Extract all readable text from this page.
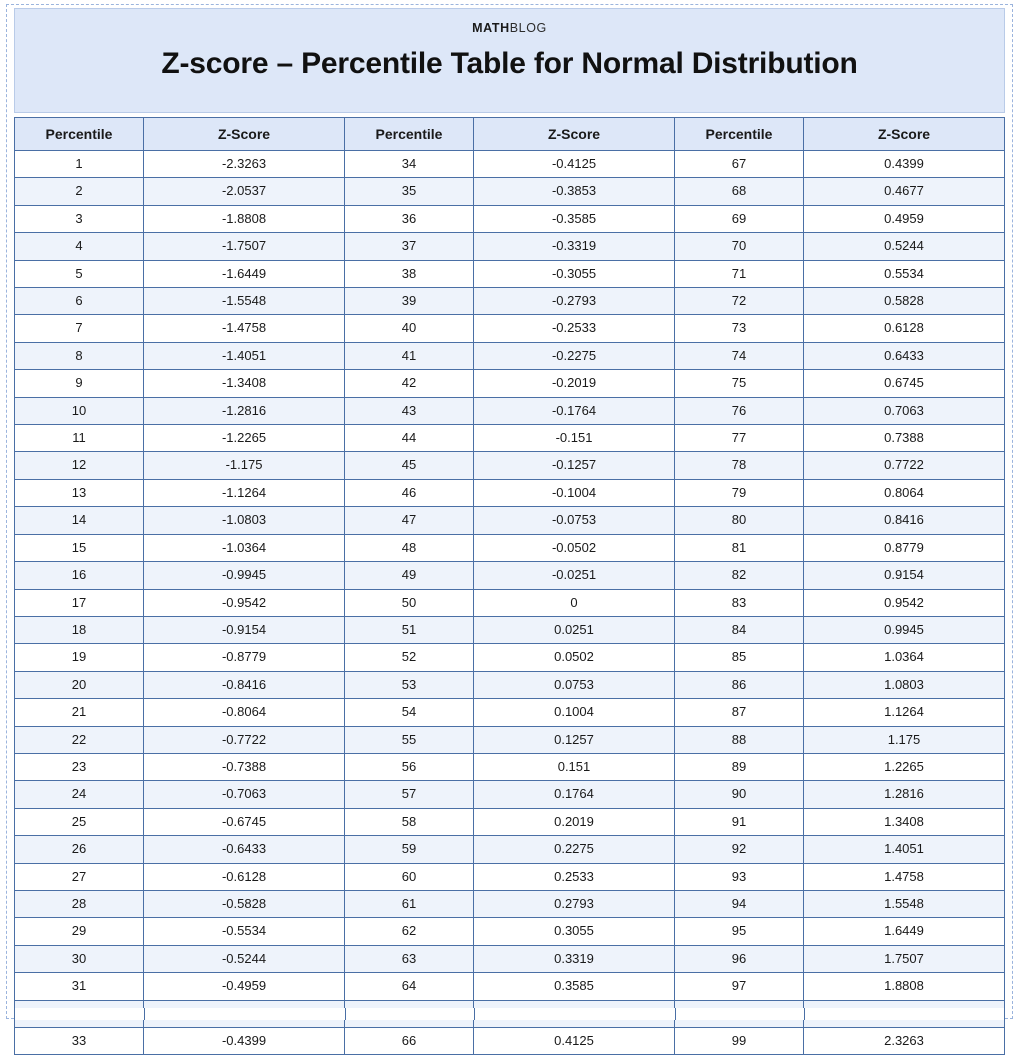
MATHBLOG
Z-score – Percentile Table for Normal Distribution
Percentile	Z-Score	Percentile	Z-Score	Percentile	Z-Score
1	-2.3263	34	-0.4125	67	0.4399
2	-2.0537	35	-0.3853	68	0.4677
3	-1.8808	36	-0.3585	69	0.4959
4	-1.7507	37	-0.3319	70	0.5244
5	-1.6449	38	-0.3055	71	0.5534
6	-1.5548	39	-0.2793	72	0.5828
7	-1.4758	40	-0.2533	73	0.6128
8	-1.4051	41	-0.2275	74	0.6433
9	-1.3408	42	-0.2019	75	0.6745
10	-1.2816	43	-0.1764	76	0.7063
11	-1.2265	44	-0.151	77	0.7388
12	-1.175	45	-0.1257	78	0.7722
13	-1.1264	46	-0.1004	79	0.8064
14	-1.0803	47	-0.0753	80	0.8416
15	-1.0364	48	-0.0502	81	0.8779
16	-0.9945	49	-0.0251	82	0.9154
17	-0.9542	50	0	83	0.9542
18	-0.9154	51	0.0251	84	0.9945
19	-0.8779	52	0.0502	85	1.0364
20	-0.8416	53	0.0753	86	1.0803
21	-0.8064	54	0.1004	87	1.1264
22	-0.7722	55	0.1257	88	1.175
23	-0.7388	56	0.151	89	1.2265
24	-0.7063	57	0.1764	90	1.2816
25	-0.6745	58	0.2019	91	1.3408
26	-0.6433	59	0.2275	92	1.4051
27	-0.6128	60	0.2533	93	1.4758
28	-0.5828	61	0.2793	94	1.5548
29	-0.5534	62	0.3055	95	1.6449
30	-0.5244	63	0.3319	96	1.7507
31	-0.4959	64	0.3585	97	1.8808

33	-0.4399	66	0.4125	99	2.3263
